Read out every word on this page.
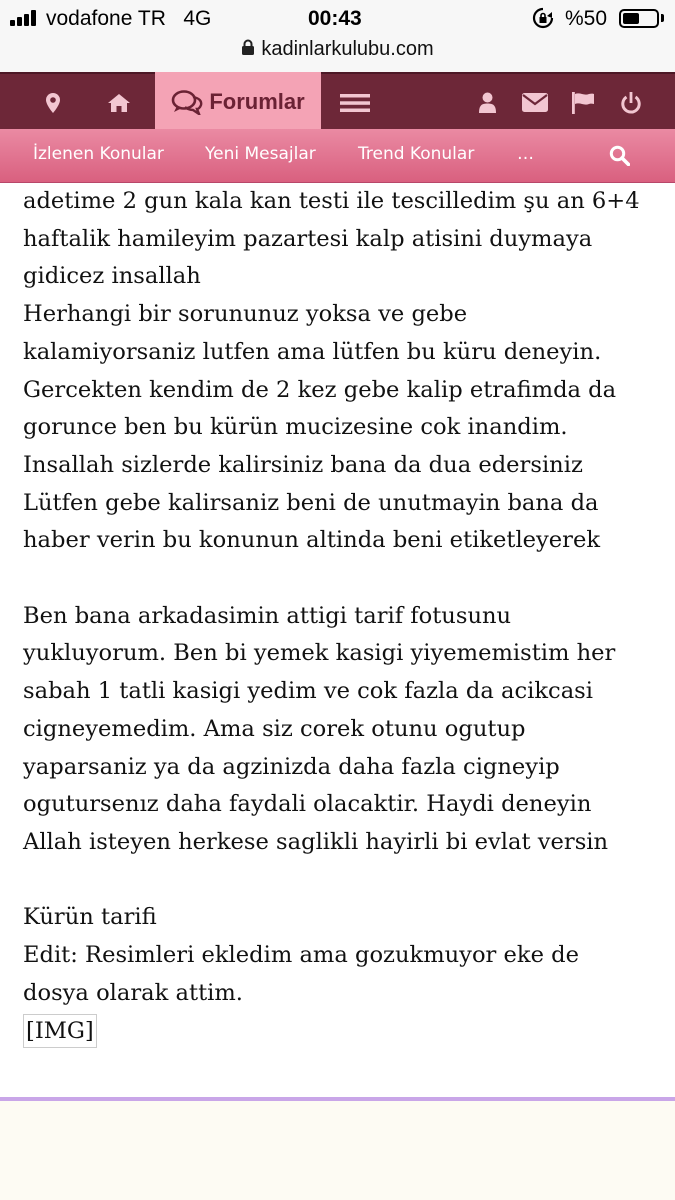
vodafone TR 4G	00:43	%50
kadinlarkulubu.com
Forumlar
İzlenen Konular Yeni Mesajlar Trend Konular	…

adetime 2 gun kala kan testi ile tescilledim şu an 6+4

haftalik hamileyim pazartesi kalp atisini duymaya

gidicez insallah

Herhangi bir sorununuz yoksa ve gebe

kalamiyorsaniz lutfen ama lütfen bu küru deneyin.

Gercekten kendim de 2 kez gebe kalip etrafimda da

gorunce ben bu kürün mucizesine cok inandim.

Insallah sizlerde kalirsiniz bana da dua edersiniz

Lütfen gebe kalirsaniz beni de unutmayin bana da

haber verin bu konunun altinda beni etiketleyerek

Ben bana arkadasimin attigi tarif fotusunu

yukluyorum. Ben bi yemek kasigi yiyememistim her

sabah 1 tatli kasigi yedim ve cok fazla da acikcasi

cigneyemedim. Ama siz corek otunu ogutup

yaparsaniz ya da agzinizda daha fazla cigneyip

ogutursenız daha faydali olacaktir. Haydi deneyin

Allah isteyen herkese saglikli hayirli bi evlat versin

Kürün tarifi

Edit: Resimleri ekledim ama gozukmuyor eke de

dosya olarak attim.

[IMG]
